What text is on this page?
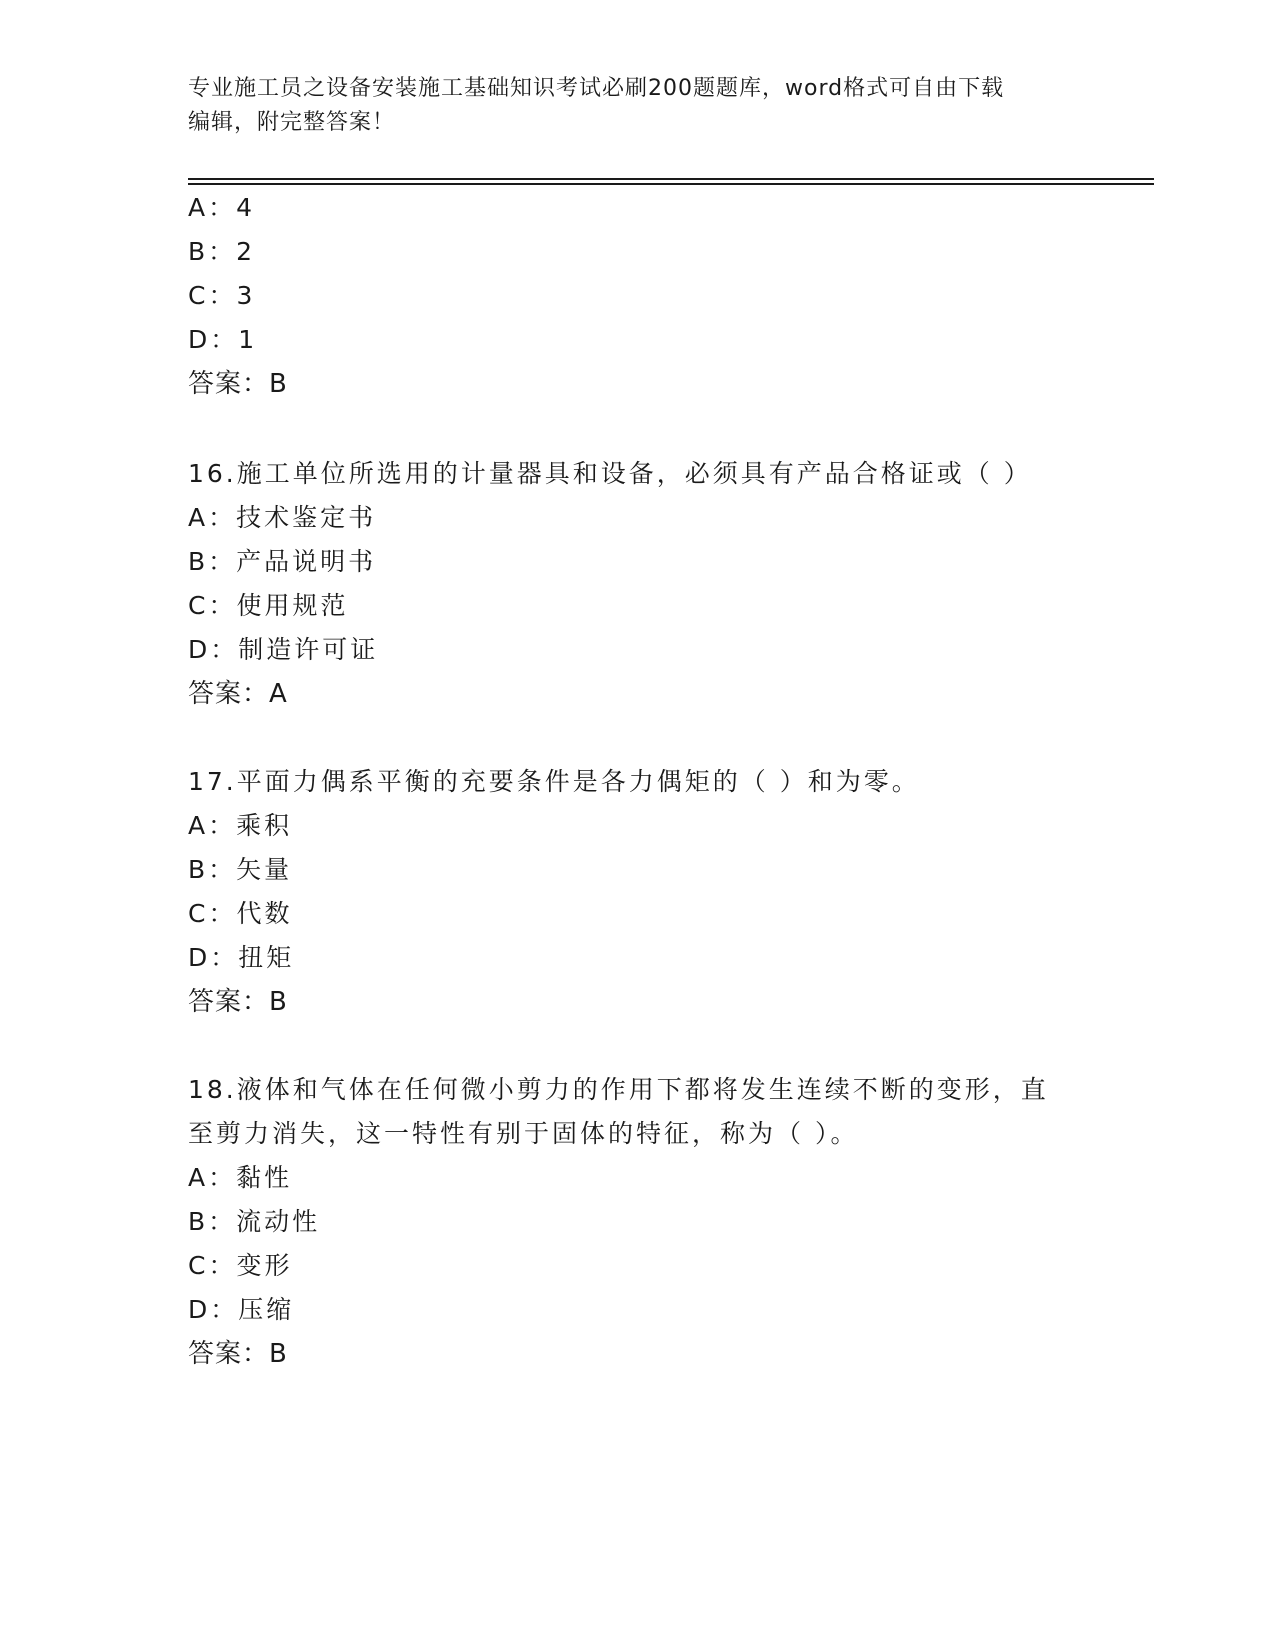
专业施工员之设备安装施工基础知识考试必刷200题题库，word格式可自由下载
编辑，附完整答案！
A：4
B：2
C：3
D：1
答案：B
16.施工单位所选用的计量器具和设备，必须具有产品合格证或（ ）
A：技术鉴定书
B：产品说明书
C：使用规范
D：制造许可证
答案：A
17.平面力偶系平衡的充要条件是各力偶矩的（ ）和为零。
A：乘积
B：矢量
C：代数
D：扭矩
答案：B
18.液体和气体在任何微小剪力的作用下都将发生连续不断的变形，直
至剪力消失，这一特性有别于固体的特征，称为（ ）。
A：黏性
B：流动性
C：变形
D：压缩
答案：B
